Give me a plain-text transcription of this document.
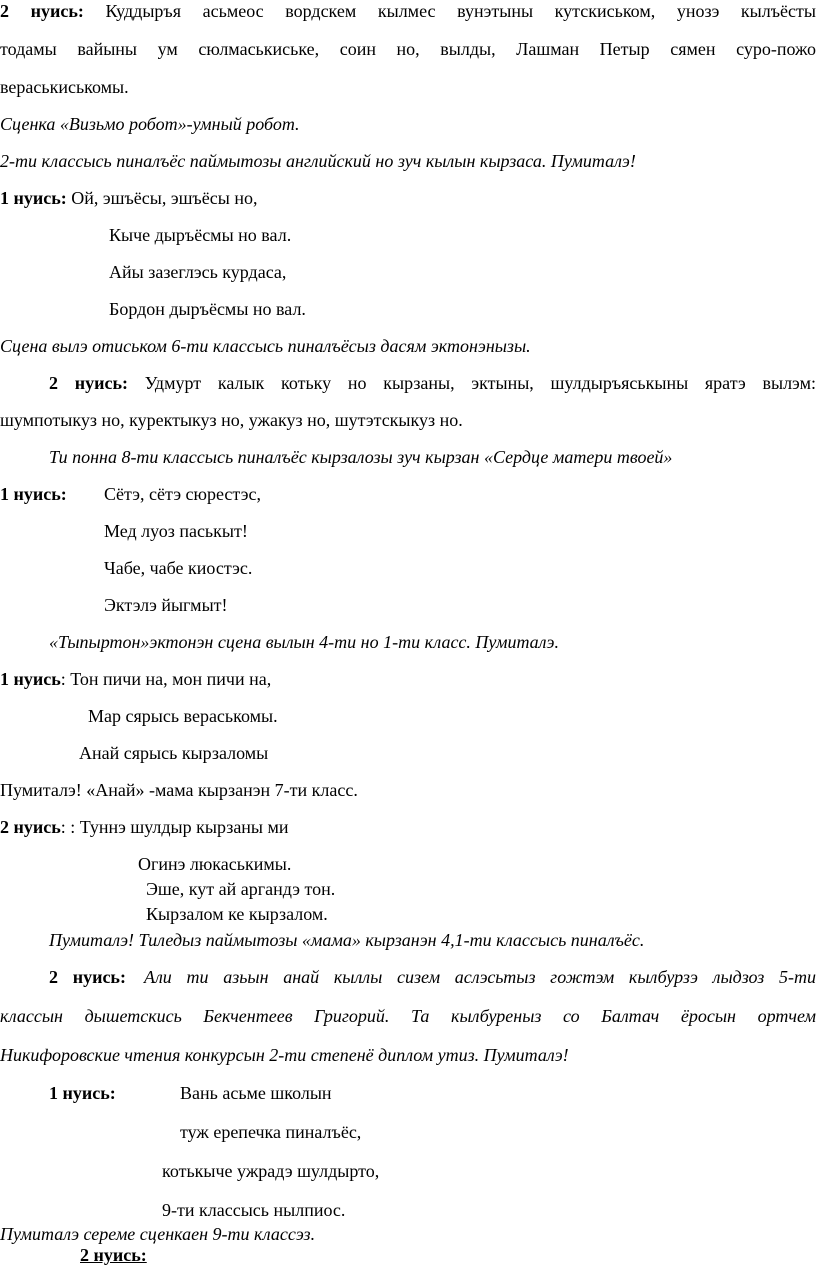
2 нуись: Куддыръя асьмеос вордскем кылмес вунэтыны кутскиськом, унозэ кылъёсты
тодамы вайыны ум сюлмаськиське, соин но, вылды, Лашман Петыр сямен суро-пожо
вераськиськомы.
Сценка «Визьмо робот»-умный робот.
2-ти классысь пиналъёс паймытозы английский но зуч кылын кырзаса. Пумиталэ!
1 нуись: Ой, эшъёсы, эшъёсы но,
Кыче дыръёсмы но вал.
Айы зазеглэсь курдаса,
Бордон дыръёсмы но вал.
Сцена вылэ отиськом 6-ти классысь пиналъёсыз дасям эктонэнызы.
2 нуись: Удмурт калык котьку но кырзаны, эктыны, шулдыръяськыны яратэ вылэм:
шумпотыкуз но, куректыкуз но, ужакуз но, шутэтскыкуз но.
Ти понна 8-ти классысь пиналъёс кырзалозы зуч кырзан «Сердце матери твоей»
1 нуись: Сётэ, сётэ сюрестэс,
Мед луоз паськыт!
Чабе, чабе киостэс.
Эктэлэ йыгмыт!
«Тыпыртон»эктонэн сцена вылын 4-ти но 1-ти класс. Пумиталэ.
1 нуись: Тон пичи на, мон пичи на,
Мар сярысь вераськомы.
Анай сярысь кырзаломы
Пумиталэ! «Анай» -мама кырзанэн 7-ти класс.
2 нуись: : Туннэ шулдыр кырзаны ми
Огинэ люкаськимы.
Эше, кут ай аргандэ тон.
Кырзалом ке кырзалом.
Пумиталэ! Тиледыз паймытозы «мама» кырзанэн 4,1-ти классысь пиналъёс.
2 нуись: Али ти азьын анай кыллы сизем аслэсьтыз гожтэм кылбурзэ лыдзоз 5-ти
классын дышетскись Бекчентеев Григорий. Та кылбуреныз со Балтач ёросын ортчем
Никифоровские чтения конкурсын 2-ти степенё диплом утиз. Пумиталэ!
1 нуись:	Вань асьме школын
туж ерепечка пиналъёс,
котькыче ужрадэ шулдырто,
9-ти классысь нылпиос.
Пумиталэ сереме сценкаен 9-ти классэз.
2 нуись:
